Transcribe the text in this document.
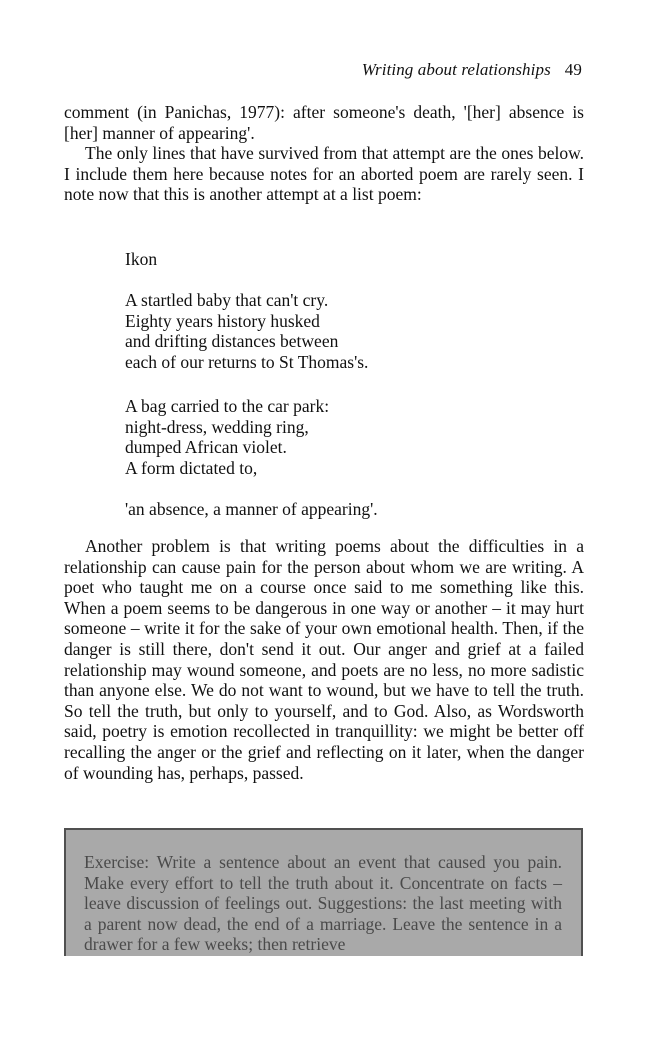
Writing about relationships 49

comment (in Panichas, 1977): after someone's death, '[her] absence is [her] manner of appearing'.

The only lines that have survived from that attempt are the ones below. I include them here because notes for an aborted poem are rarely seen. I note now that this is another attempt at a list poem:

Ikon
A startled baby that can't cry.
Eighty years history husked
and drifting distances between
each of our returns to St Thomas's.
A bag carried to the car park:
night-dress, wedding ring,
dumped African violet.
A form dictated to,
'an absence, a manner of appearing'.

Another problem is that writing poems about the difficulties in a relationship can cause pain for the person about whom we are writing. A poet who taught me on a course once said to me something like this. When a poem seems to be dangerous in one way or another – it may hurt someone – write it for the sake of your own emotional health. Then, if the danger is still there, don't send it out. Our anger and grief at a failed relationship may wound someone, and poets are no less, no more sadistic than anyone else. We do not want to wound, but we have to tell the truth. So tell the truth, but only to yourself, and to God. Also, as Wordsworth said, poetry is emotion recollected in tranquillity: we might be better off recalling the anger or the grief and reflecting on it later, when the danger of wounding has, perhaps, passed.

Exercise: Write a sentence about an event that caused you pain. Make every effort to tell the truth about it. Concentrate on facts – leave discussion of feelings out. Suggestions: the last meeting with a parent now dead, the end of a marriage. Leave the sentence in a drawer for a few weeks; then retrieve
